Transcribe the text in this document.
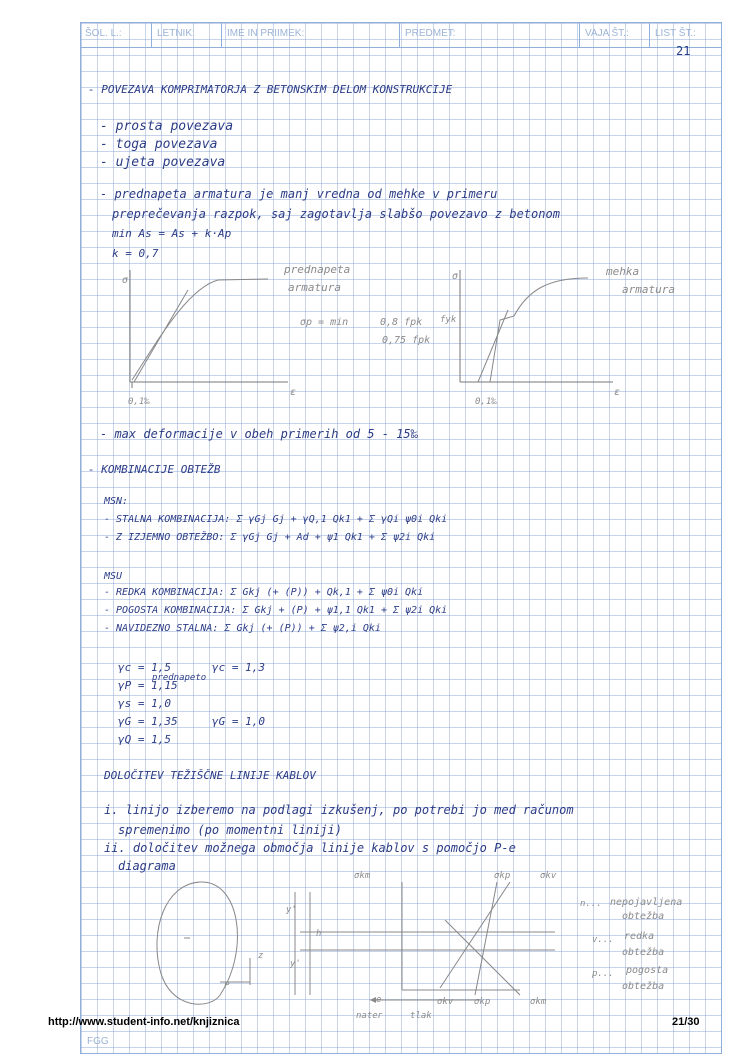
ŠOL. L.:	LETNIK:	IME IN PRIIMEK:	PREDMET:	VAJA ŠT.:	LIST ŠT.:
21
- POVEZAVA KOMPRIMATORJA Z BETONSKIM DELOM KONSTRUKCIJE
- prosta povezava
- toga povezava
- ujeta povezava
- prednapeta armatura je manj vredna od mehke v primeru
preprečevanja razpok, saj zagotavlja slabšo povezavo z betonom
min As = As + k·Ap
k = 0,7
σ
ε
0,1‰
prednapeta
armatura
σp = min	0,8 fpk
0,75 fpk
σ
ε
0,1‰
fyk
mehka
armatura
- max deformacije v obeh primerih od 5 - 15‰
- KOMBINACIJE OBTEŽB
MSN:
- STALNA KOMBINACIJA: Σ γGj Gj + γQ,1 Qk1 + Σ γQi ψ0i Qki
- Z IZJEMNO OBTEŽBO: Σ γGj Gj + Ad + ψ1 Qk1 + Σ ψ2i Qki
MSU
- REDKA KOMBINACIJA: Σ Gkj (+ (P)) + Qk,1 + Σ ψ0i Qki
- POGOSTA KOMBINACIJA: Σ Gkj + (P) + ψ1,1 Qk1 + Σ ψ2i Qki
- NAVIDEZNO STALNA: Σ Gkj (+ (P)) + Σ ψ2,i Qki
γc = 1,5	γc = 1,3
prednapeto
γP = 1,15
γs = 1,0
γG = 1,35	γG = 1,0
γQ = 1,5
DOLOČITEV TEŽIŠČNE LINIJE KABLOV
i. linijo izberemo na podlagi izkušenj, po potrebi jo med računom
spremenimo (po momentni liniji)
ii. določitev možnega območja linije kablov s pomočjo P-e
diagrama
σkm	σkp	σkv
σkv σkp	σkm
natег	tlak
e
P
y'
y'
h
z
n... nepojavljena
obtežba
v... redka
obtežba
p... pogosta
obtežba
http://www.student-info.net/knjiznica	21/30
FGG
